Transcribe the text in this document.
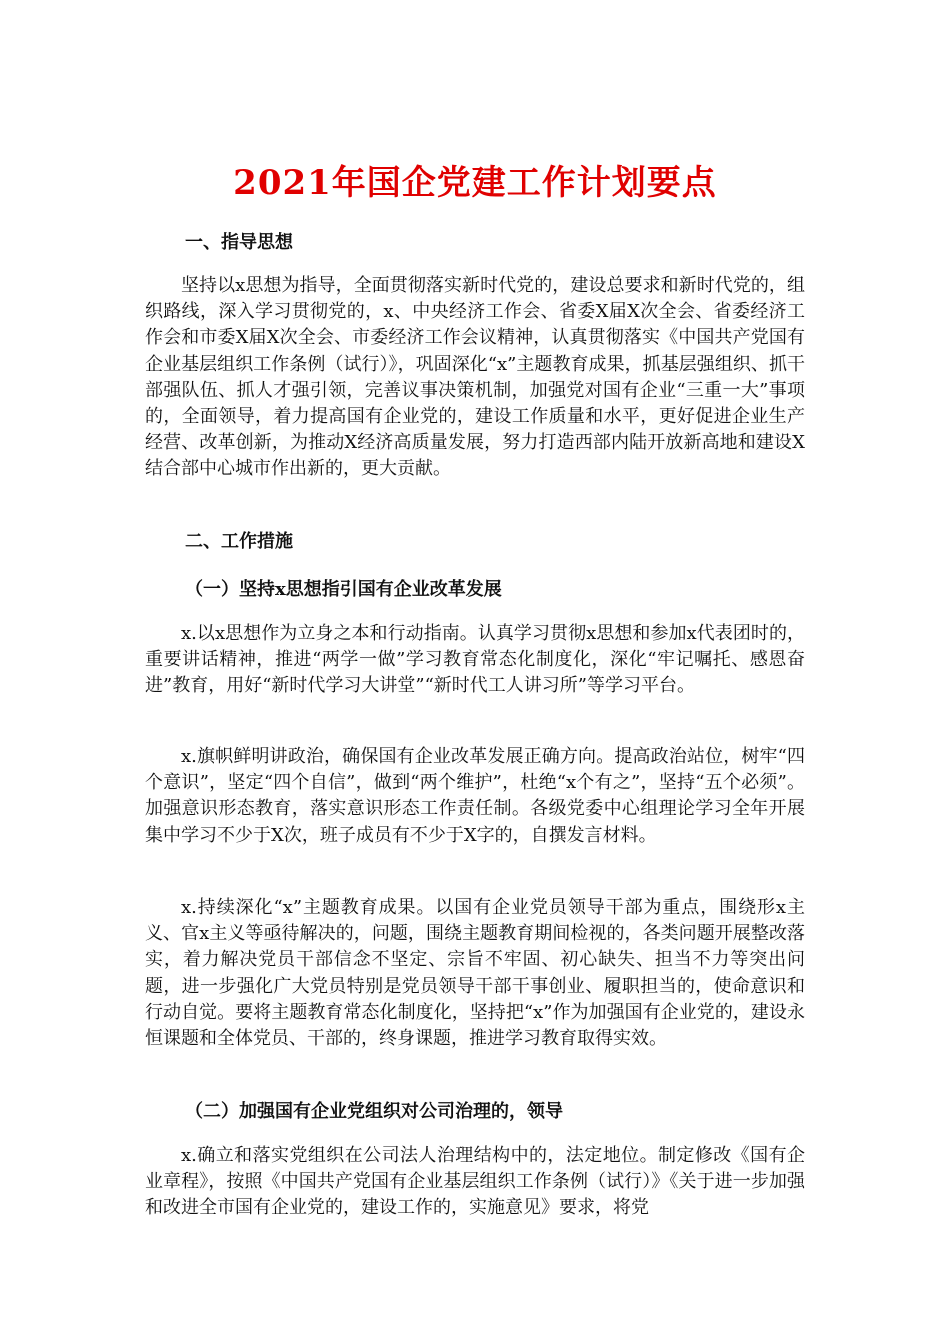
2021年国企党建工作计划要点
一、指导思想

坚持以x思想为指导，全面贯彻落实新时代党的，建设总要求和新时代党的，组织路线，深入学习贯彻党的，x、中央经济工作会、省委X届X次全会、省委经济工作会和市委X届X次全会、市委经济工作会议精神，认真贯彻落实《中国共产党国有企业基层组织工作条例（试行）》，巩固深化“x”主题教育成果，抓基层强组织、抓干部强队伍、抓人才强引领，完善议事决策机制，加强党对国有企业“三重一大”事项的，全面领导，着力提高国有企业党的，建设工作质量和水平，更好促进企业生产经营、改革创新，为推动X经济高质量发展，努力打造西部内陆开放新高地和建设X结合部中心城市作出新的，更大贡献。

二、工作措施
（一）坚持x思想指引国有企业改革发展

x.以x思想作为立身之本和行动指南。认真学习贯彻x思想和参加x代表团时的，重要讲话精神，推进“两学一做”学习教育常态化制度化，深化“牢记嘱托、感恩奋进”教育，用好“新时代学习大讲堂”“新时代工人讲习所”等学习平台。

x.旗帜鲜明讲政治，确保国有企业改革发展正确方向。提高政治站位，树牢“四个意识”，坚定“四个自信”，做到“两个维护”，杜绝“x个有之”，坚持“五个必须”。加强意识形态教育，落实意识形态工作责任制。各级党委中心组理论学习全年开展集中学习不少于X次，班子成员有不少于X字的，自撰发言材料。

x.持续深化“x”主题教育成果。以国有企业党员领导干部为重点，围绕形x主义、官x主义等亟待解决的，问题，围绕主题教育期间检视的，各类问题开展整改落实，着力解决党员干部信念不坚定、宗旨不牢固、初心缺失、担当不力等突出问题，进一步强化广大党员特别是党员领导干部干事创业、履职担当的，使命意识和行动自觉。要将主题教育常态化制度化，坚持把“x”作为加强国有企业党的，建设永恒课题和全体党员、干部的，终身课题，推进学习教育取得实效。

（二）加强国有企业党组织对公司治理的，领导

x.确立和落实党组织在公司法人治理结构中的，法定地位。制定修改《国有企业章程》，按照《中国共产党国有企业基层组织工作条例（试行）》《关于进一步加强和改进全市国有企业党的，建设工作的，实施意见》要求，将党
